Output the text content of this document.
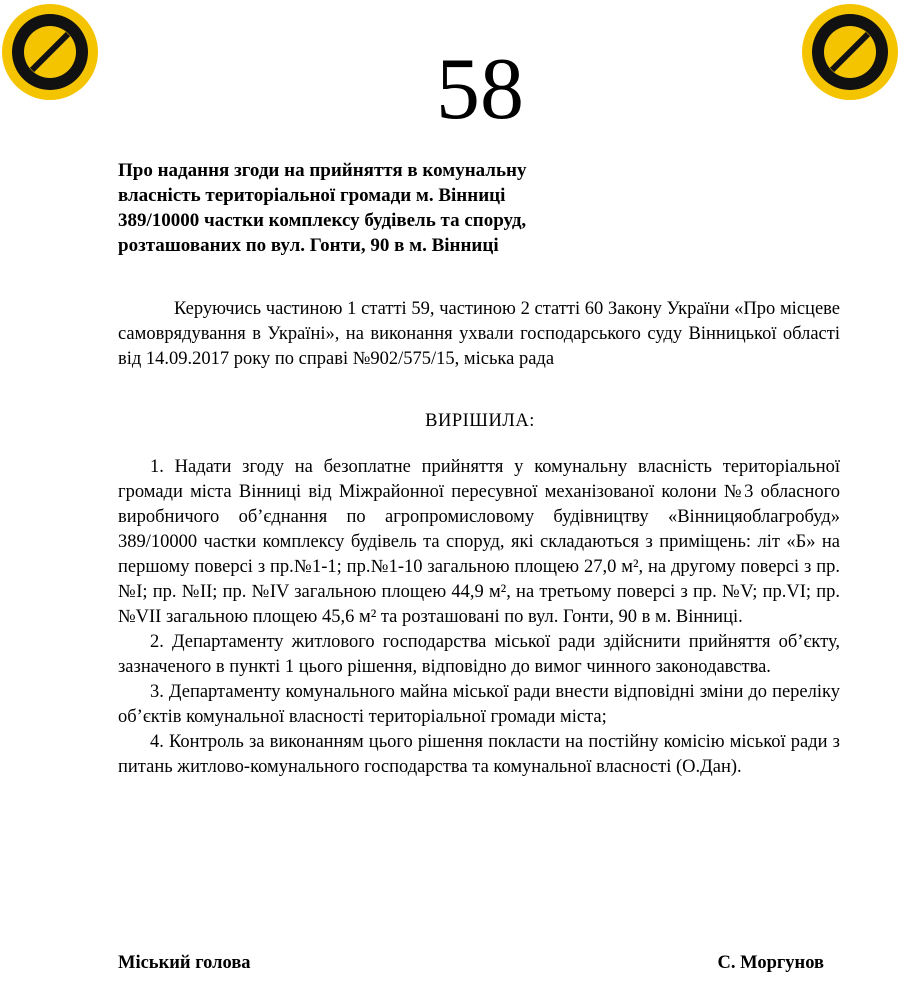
58
Про надання згоди на прийняття в комунальну
власність територіальної громади м. Вінниці
389/10000 частки комплексу будівель та споруд,
розташованих по вул. Гонти, 90 в м. Вінниці
Керуючись частиною 1 статті 59, частиною 2 статті 60 Закону України «Про місцеве самоврядування в Україні», на виконання ухвали господарського суду Вінницької області від 14.09.2017 року по справі №902/575/15, міська рада
ВИРІШИЛА:

1. Надати згоду на безоплатне прийняття у комунальну власність територіальної громади міста Вінниці від Міжрайонної пересувної механізованої колони №3 обласного виробничого об’єднання по агропромисловому будівництву «Вінницяоблагробуд» 389/10000 частки комплексу будівель та споруд, які складаються з приміщень: літ «Б» на першому поверсі з пр.№1-1; пр.№1-10 загальною площею 27,0 м², на другому поверсі з пр. №І; пр. №ІІ; пр. №IV загальною площею 44,9 м², на третьому поверсі з пр. №V; пр.VI; пр. №VII загальною площею 45,6 м² та розташовані по вул. Гонти, 90 в м. Вінниці.

2. Департаменту житлового господарства міської ради здійснити прийняття об’єкту, зазначеного в пункті 1 цього рішення, відповідно до вимог чинного законодавства.

3. Департаменту комунального майна міської ради внести відповідні зміни до переліку об’єктів комунальної власності територіальної громади міста;

4. Контроль за виконанням цього рішення покласти на постійну комісію міської ради з питань житлово-комунального господарства та комунальної власності (О.Дан).

Міський голова	С. Моргунов
